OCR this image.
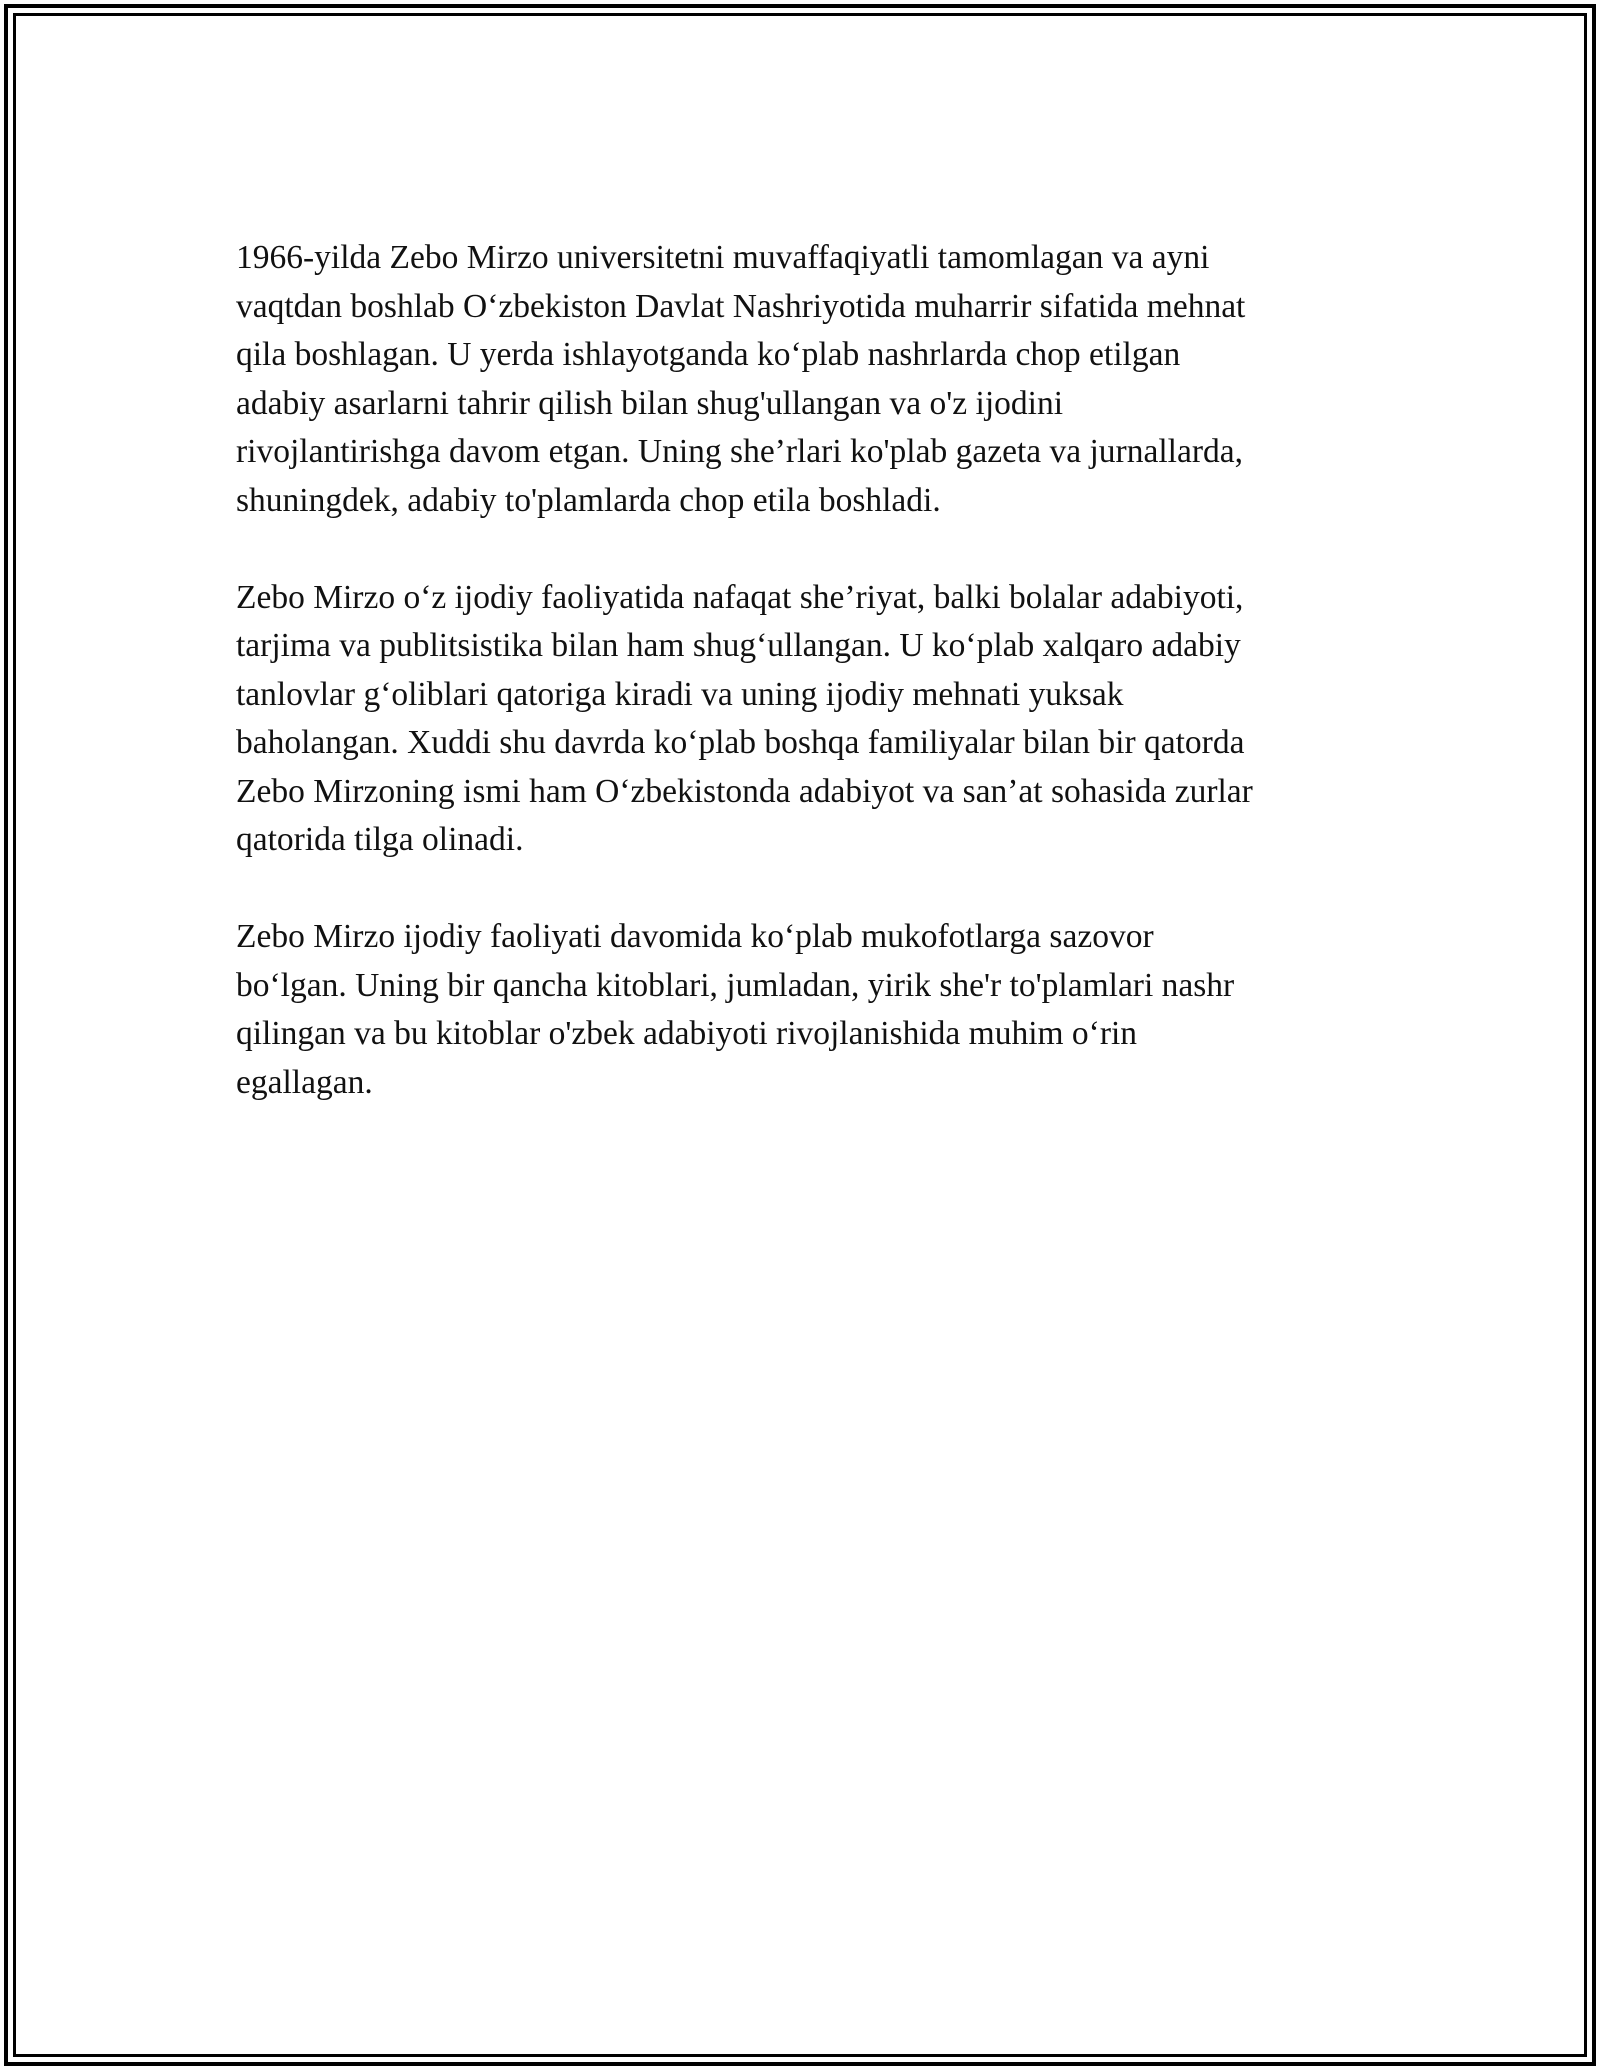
1966-yilda Zebo Mirzo universitetni muvaffaqiyatli tamomlagan va ayni
vaqtdan boshlab O‘zbekiston Davlat Nashriyotida muharrir sifatida mehnat
qila boshlagan. U yerda ishlayotganda ko‘plab nashrlarda chop etilgan
adabiy asarlarni tahrir qilish bilan shug'ullangan va o'z ijodini
rivojlantirishga davom etgan. Uning she’rlari ko'plab gazeta va jurnallarda,
shuningdek, adabiy to'plamlarda chop etila boshladi.

Zebo Mirzo o‘z ijodiy faoliyatida nafaqat she’riyat, balki bolalar adabiyoti,
tarjima va publitsistika bilan ham shug‘ullangan. U ko‘plab xalqaro adabiy
tanlovlar g‘oliblari qatoriga kiradi va uning ijodiy mehnati yuksak
baholangan. Xuddi shu davrda ko‘plab boshqa familiyalar bilan bir qatorda
Zebo Mirzoning ismi ham O‘zbekistonda adabiyot va san’at sohasida zurlar
qatorida tilga olinadi.

Zebo Mirzo ijodiy faoliyati davomida ko‘plab mukofotlarga sazovor
bo‘lgan. Uning bir qancha kitoblari, jumladan, yirik she'r to'plamlari nashr
qilingan va bu kitoblar o'zbek adabiyoti rivojlanishida muhim o‘rin
egallagan.
